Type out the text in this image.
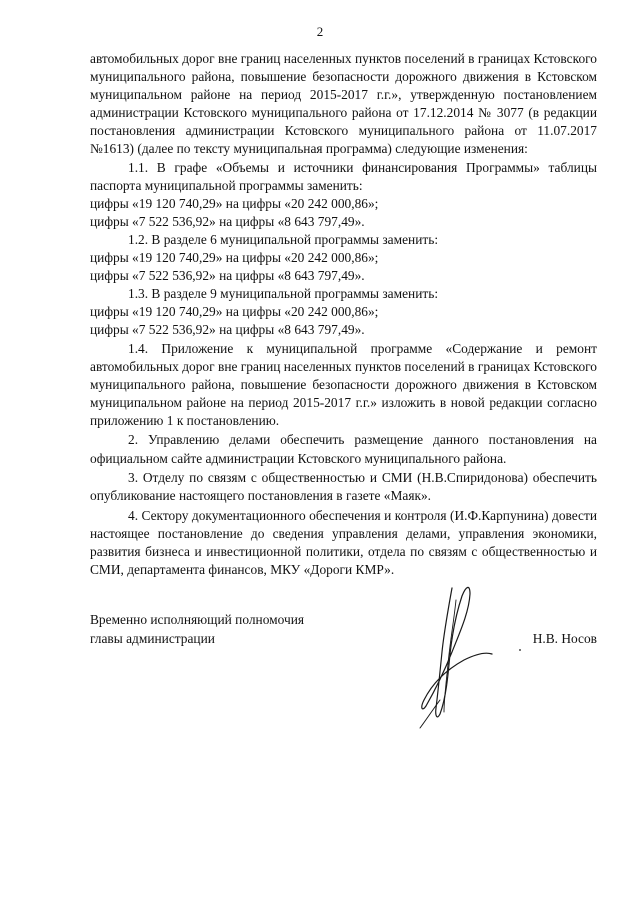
2

автомобильных дорог вне границ населенных пунктов поселений в границах Кстовского муниципального района, повышение безопасности дорожного движения в Кстовском муниципальном районе на период 2015-2017 г.г.», утвержденную постановлением администрации Кстовского муниципального района от 17.12.2014 № 3077 (в редакции постановления администрации Кстовского муниципального района от 11.07.2017 №1613) (далее по тексту муниципальная программа) следующие изменения:

1.1. В графе «Объемы и источники финансирования Программы» таблицы паспорта муниципальной программы заменить:

цифры «19 120 740,29» на цифры «20 242 000,86»;

цифры «7 522 536,92» на цифры «8 643 797,49».

1.2. В разделе 6 муниципальной программы заменить:

цифры «19 120 740,29» на цифры «20 242 000,86»;

цифры «7 522 536,92» на цифры «8 643 797,49».

1.3. В разделе 9 муниципальной программы заменить:

цифры «19 120 740,29» на цифры «20 242 000,86»;

цифры «7 522 536,92» на цифры «8 643 797,49».

1.4. Приложение к муниципальной программе «Содержание и ремонт автомобильных дорог вне границ населенных пунктов поселений в границах Кстовского муниципального района, повышение безопасности дорожного движения в Кстовском муниципальном районе на период 2015-2017 г.г.» изложить в новой редакции согласно приложению 1 к постановлению.

2. Управлению делами обеспечить размещение данного постановления на официальном сайте администрации Кстовского муниципального района.

3. Отделу по связям с общественностью и СМИ (Н.В.Спиридонова) обеспечить опубликование настоящего постановления в газете «Маяк».

4. Сектору документационного обеспечения и контроля (И.Ф.Карпунина) довести настоящее постановление до сведения управления делами, управления экономики, развития бизнеса и инвестиционной политики, отдела по связям с общественностью и СМИ, департамента финансов, МКУ «Дороги КМР».

Временно исполняющий полномочия
главы администрации	Н.В. Носов
